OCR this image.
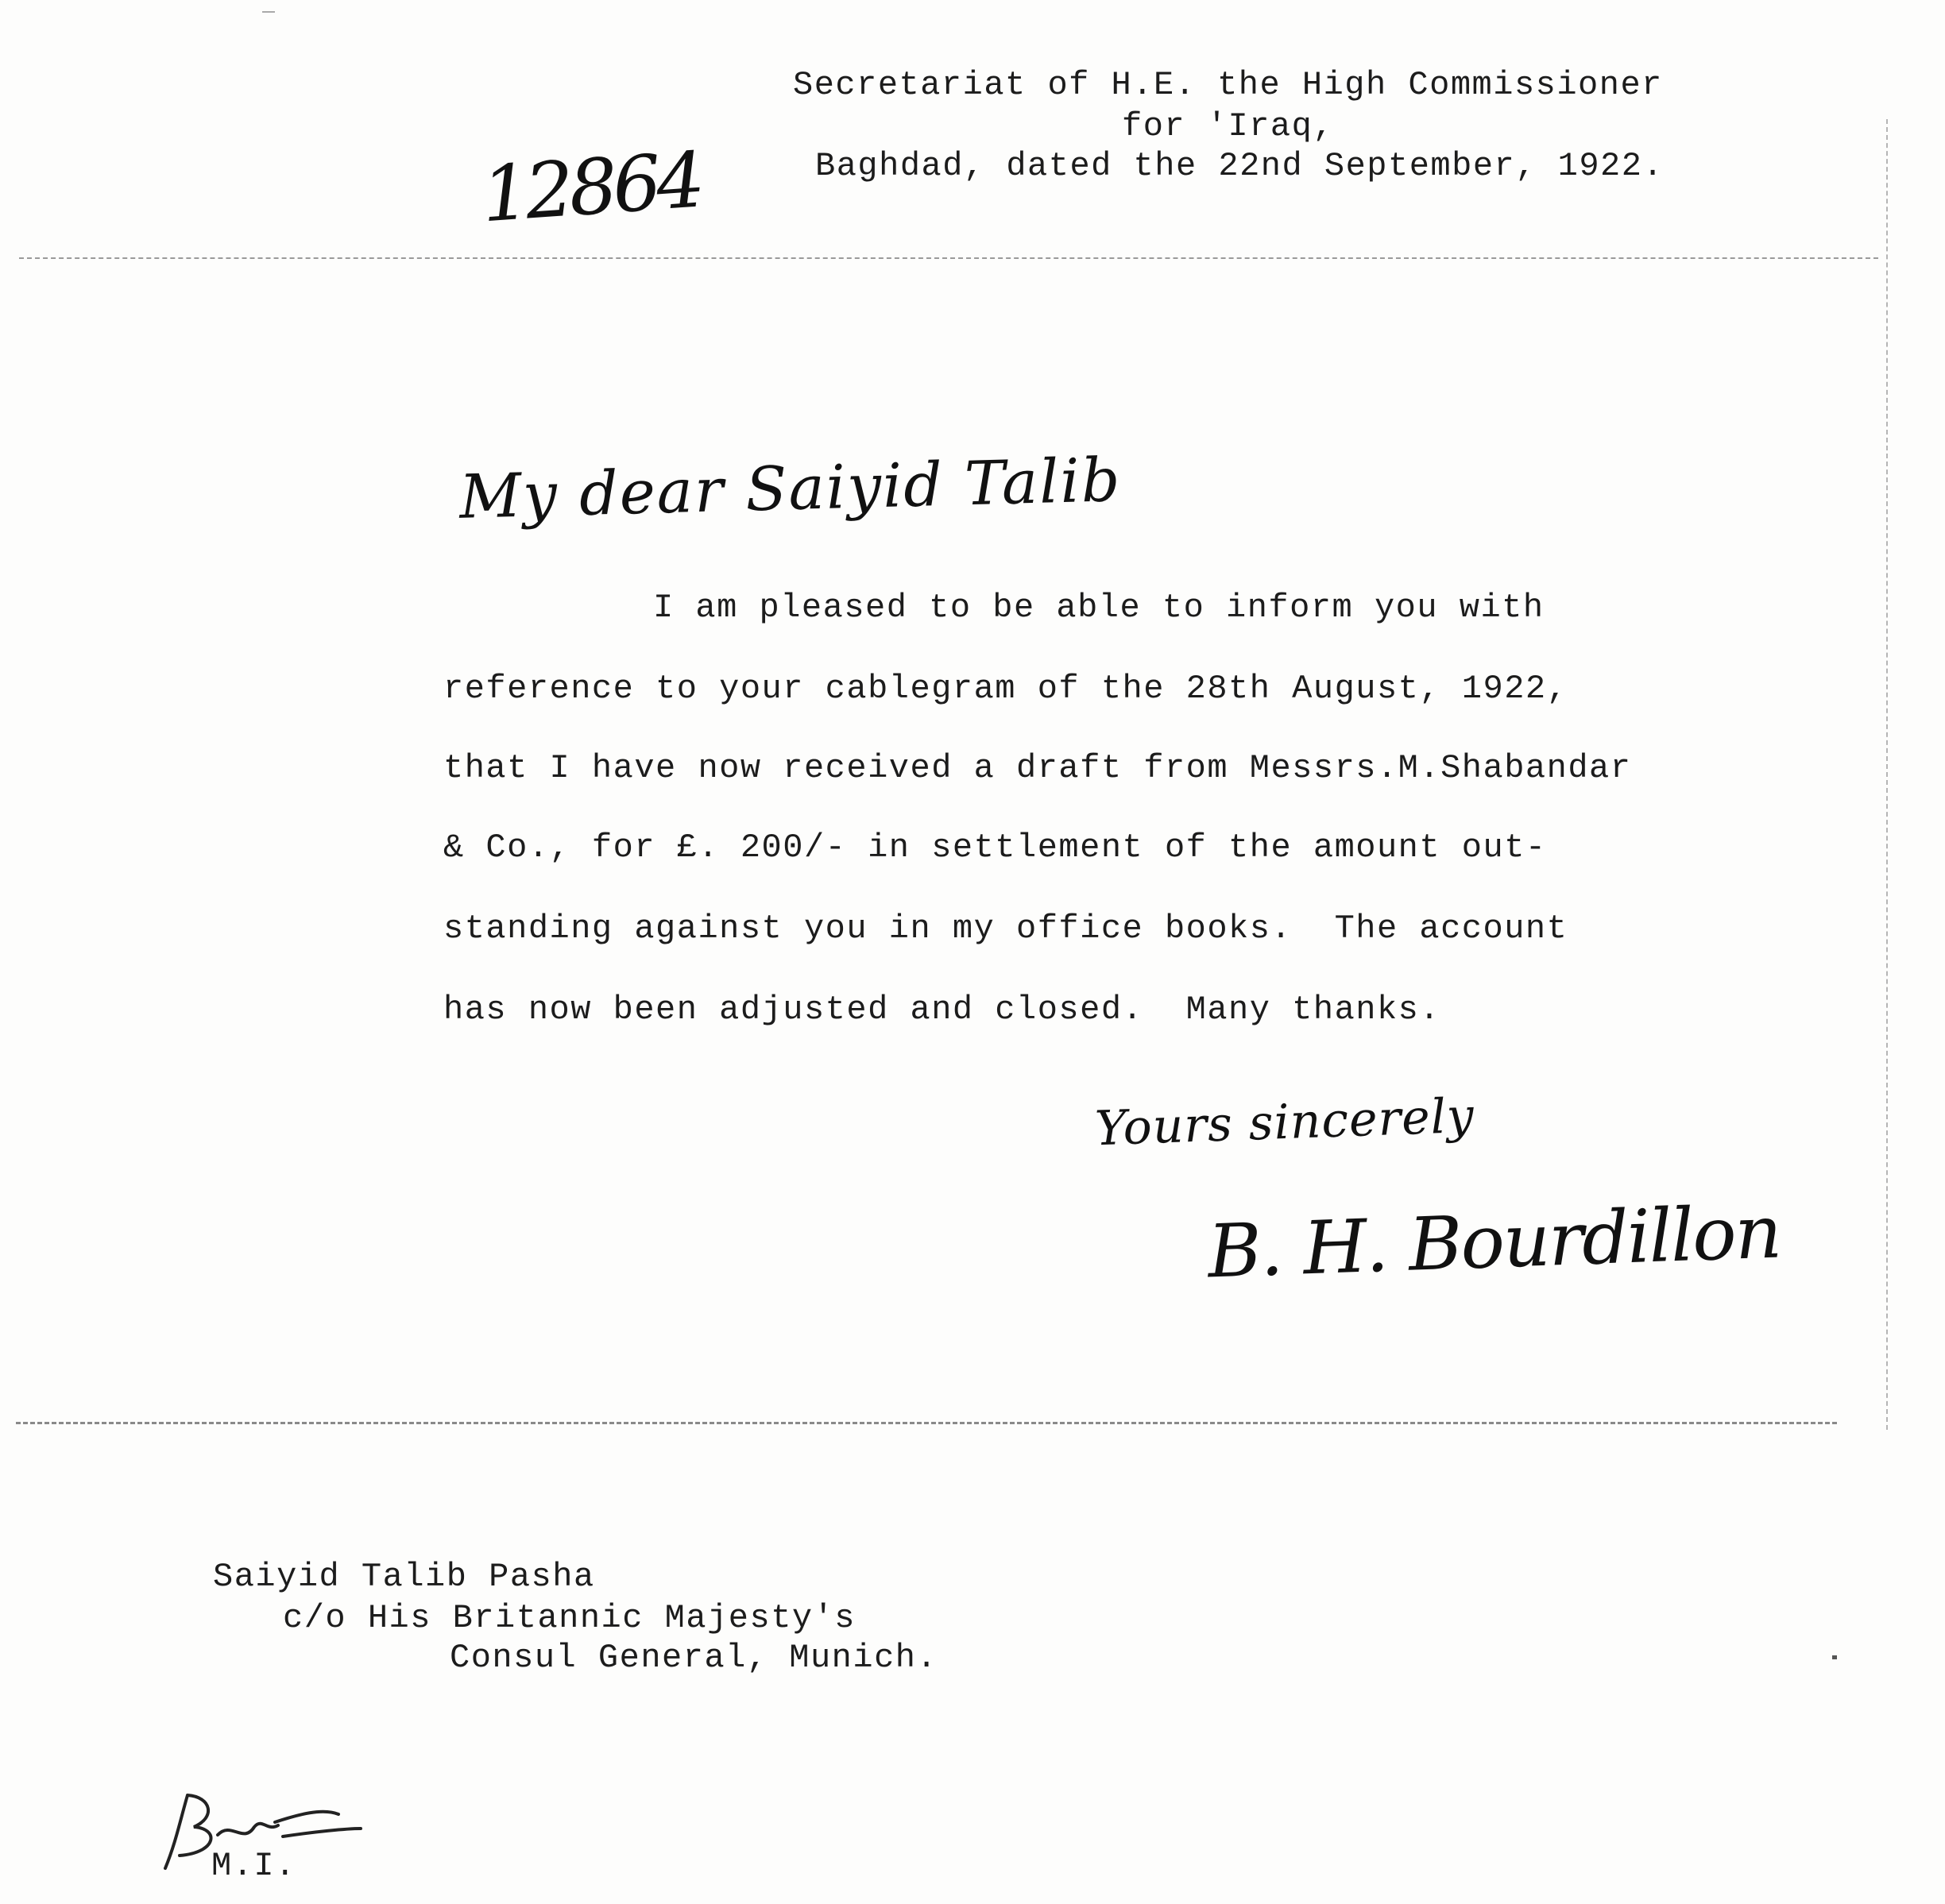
Secretariat of H.E. the High Commissioner
for 'Iraq,
Baghdad, dated the 22nd September, 1922.
12864
My dear Saiyid Talib
I am pleased to be able to inform you with
reference to your cablegram of the 28th August, 1922,
that I have now received a draft from Messrs.M.Shabandar
& Co., for £. 200/- in settlement of the amount out-
standing against you in my office books.  The account
has now been adjusted and closed.  Many thanks.
Yours sincerely
B. H. Bourdillon
Saiyid Talib Pasha
c/o His Britannic Majesty's
Consul General, Munich.
M.I.
